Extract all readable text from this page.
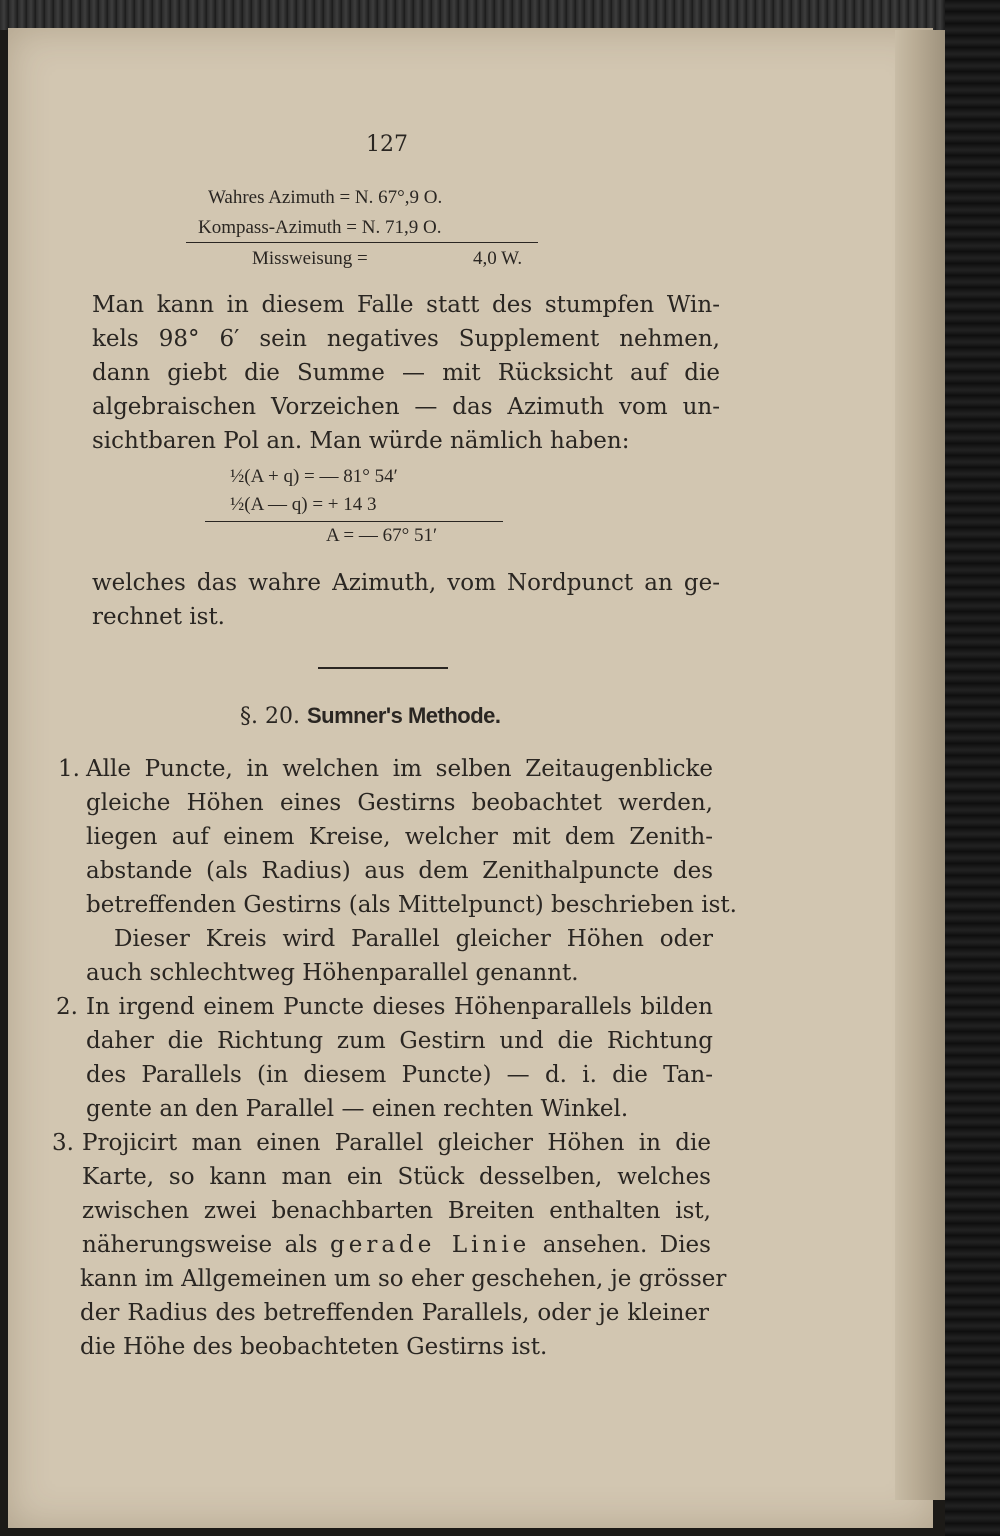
127
Wahres Azimuth = N. 67°,9 O.
Kompass-Azimuth = N. 71,9 O.
Missweisung =	4,0 W.
Man kann in diesem Falle statt des stumpfen Win-
kels 98° 6′ sein negatives Supplement nehmen,
dann giebt die Summe — mit Rücksicht auf die
algebraischen Vorzeichen — das Azimuth vom un-
sichtbaren Pol an. Man würde nämlich haben:
½(A + q) = — 81° 54′
½(A — q) = + 14 3
A = — 67° 51′
welches das wahre Azimuth, vom Nordpunct an ge-
rechnet ist.
§. 20. Sumner's Methode.
1. Alle Puncte, in welchen im selben Zeitaugenblicke
gleiche Höhen eines Gestirns beobachtet werden,
liegen auf einem Kreise, welcher mit dem Zenith-
abstande (als Radius) aus dem Zenithalpuncte des
betreffenden Gestirns (als Mittelpunct) beschrieben ist.
Dieser Kreis wird Parallel gleicher Höhen oder
auch schlechtweg Höhenparallel genannt.
2. In irgend einem Puncte dieses Höhenparallels bilden
daher die Richtung zum Gestirn und die Richtung
des Parallels (in diesem Puncte) — d. i. die Tan-
gente an den Parallel — einen rechten Winkel.
3. Projicirt man einen Parallel gleicher Höhen in die
Karte, so kann man ein Stück desselben, welches
zwischen zwei benachbarten Breiten enthalten ist,
näherungsweise als gerade Linie ansehen. Dies
kann im Allgemeinen um so eher geschehen, je grösser
der Radius des betreffenden Parallels, oder je kleiner
die Höhe des beobachteten Gestirns ist.
